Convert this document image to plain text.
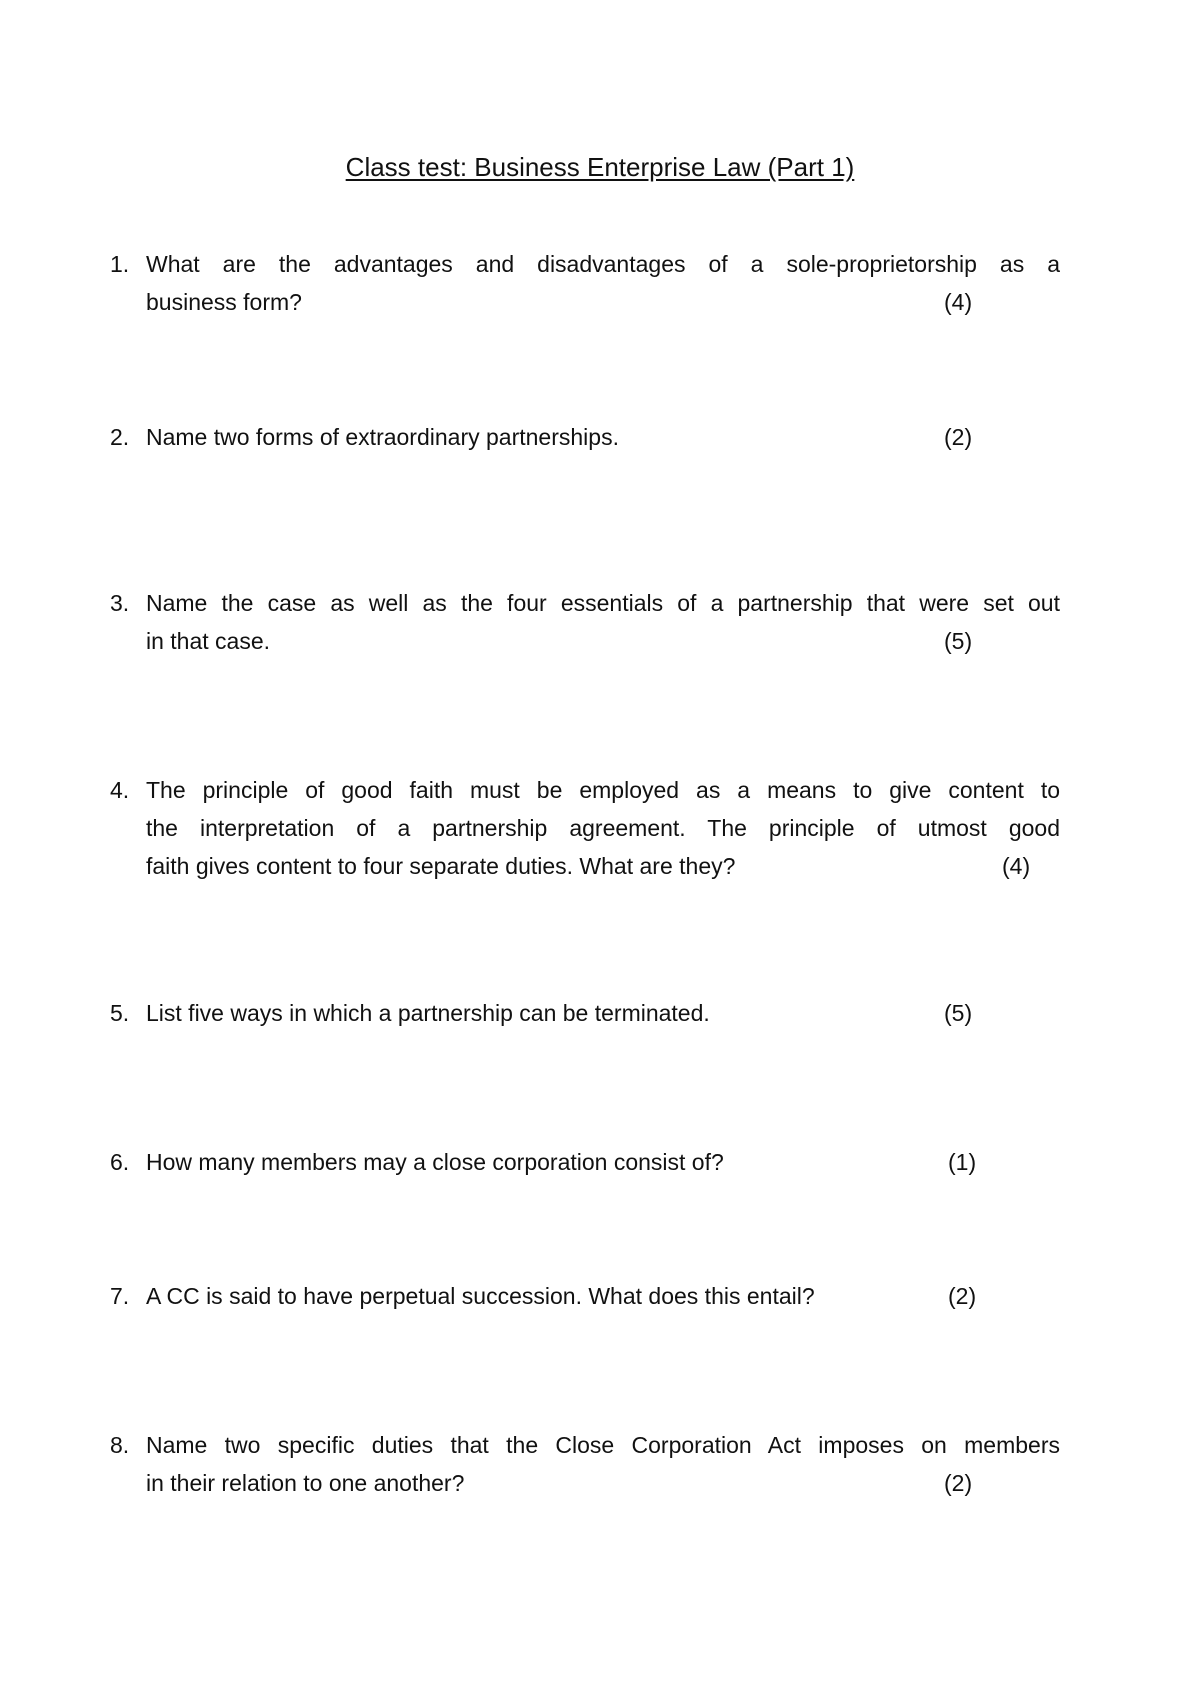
Class test: Business Enterprise Law (Part 1)
1. What are the advantages and disadvantages of a sole-proprietorship as a
business form?	(4)
2. Name two forms of extraordinary partnerships.	(2)
3. Name the case as well as the four essentials of a partnership that were set out
in that case.	(5)
4. The principle of good faith must be employed as a means to give content to
the interpretation of a partnership agreement. The principle of utmost good
faith gives content to four separate duties. What are they?	(4)
5. List five ways in which a partnership can be terminated.	(5)
6. How many members may a close corporation consist of?	(1)
7. A CC is said to have perpetual succession. What does this entail?	(2)
8. Name two specific duties that the Close Corporation Act imposes on members
in their relation to one another?	(2)
